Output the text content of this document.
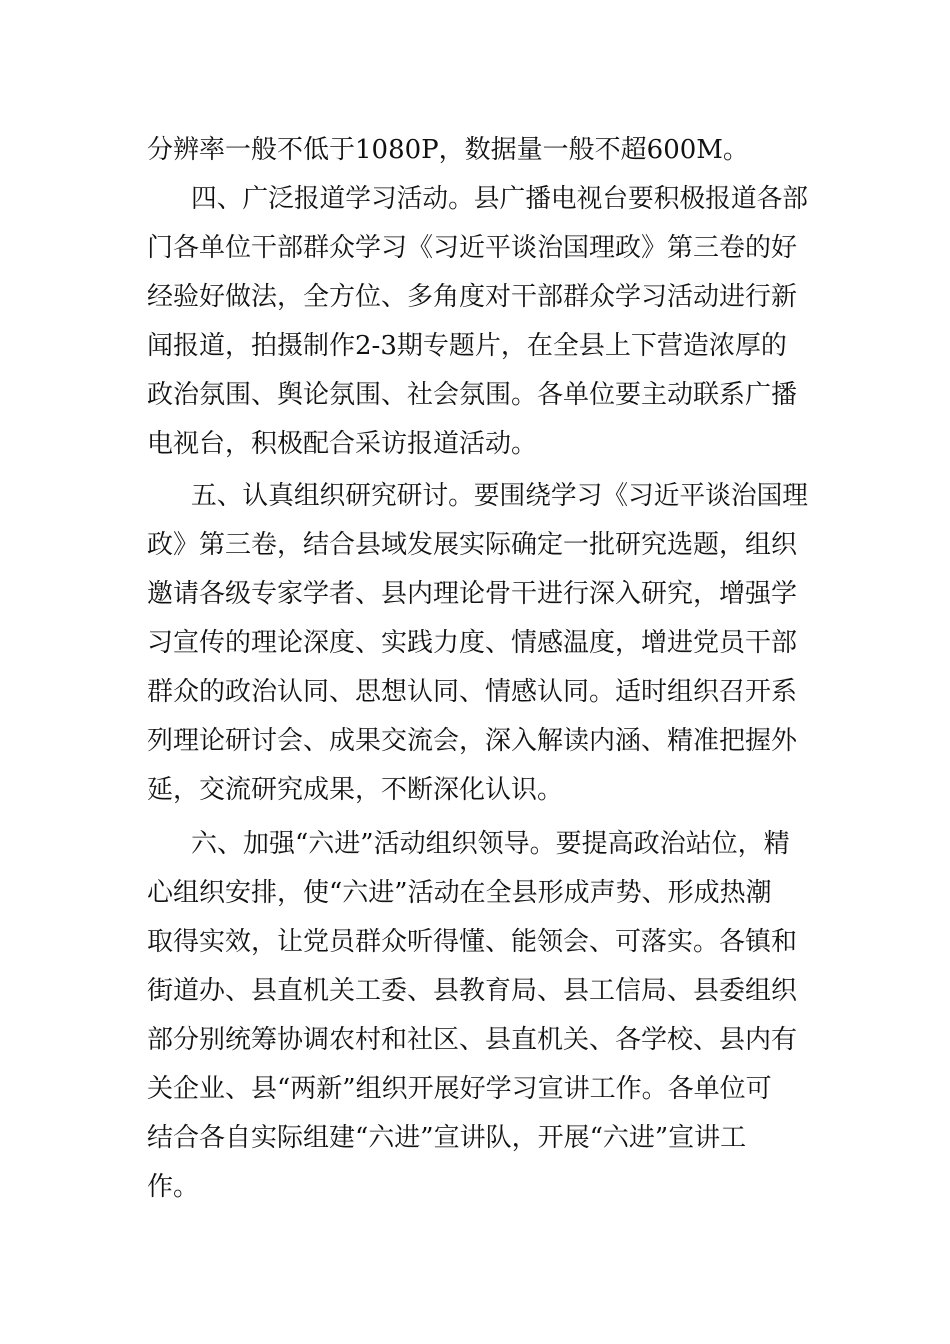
分辨率一般不低于1080P，数据量一般不超600M。

四、广泛报道学习活动。县广播电视台要积极报道各部

门各单位干部群众学习《习近平谈治国理政》第三卷的好

经验好做法，全方位、多角度对干部群众学习活动进行新

闻报道，拍摄制作2-3期专题片，在全县上下营造浓厚的

政治氛围、舆论氛围、社会氛围。各单位要主动联系广播

电视台，积极配合采访报道活动。

五、认真组织研究研讨。要围绕学习《习近平谈治国理

政》第三卷，结合县域发展实际确定一批研究选题，组织

邀请各级专家学者、县内理论骨干进行深入研究，增强学

习宣传的理论深度、实践力度、情感温度，增进党员干部

群众的政治认同、思想认同、情感认同。适时组织召开系

列理论研讨会、成果交流会，深入解读内涵、精准把握外

延，交流研究成果，不断深化认识。

六、加强“六进”活动组织领导。要提高政治站位，精

心组织安排，使“六进”活动在全县形成声势、形成热潮

取得实效，让党员群众听得懂、能领会、可落实。各镇和

街道办、县直机关工委、县教育局、县工信局、县委组织

部分别统筹协调农村和社区、县直机关、各学校、县内有

关企业、县“两新”组织开展好学习宣讲工作。各单位可

结合各自实际组建“六进”宣讲队，开展“六进”宣讲工

作。
